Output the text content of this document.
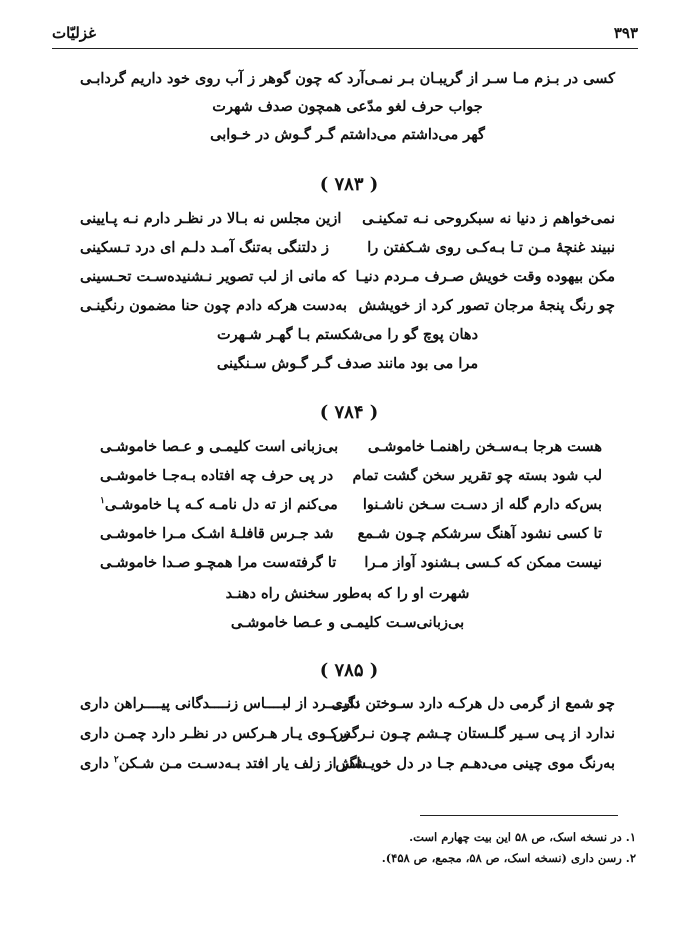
۳۹۳
غزلیّات
کسی در بـزم مـا سـر از گریبـان بـر نمـی‌آرد
که چون گوهر ز آب روی خود داریم گردابـی
جواب حرف لغو مدّعی همچون صدف شهرت
گهر می‌داشتم می‌داشتم گـر گـوش در خـوابی
( ۷۸۳ )
نمی‌خواهم ز دنیا نه سبکروحی نـه تمکینـی
ازین مجلس نه بـالا در نظـر دارم نـه پـایینی
نبیند غنچهٔ مـن تـا بـه‌کـی روی شـکفتن را
ز دلتنگی به‌تنگ آمـد دلـم ای درد تـسکینی
مکن بیهوده وقت خویش صـرف مـردم دنیـا
که مانی از لب تصویر نـشنیده‌سـت تحـسینی
چو رنگ پنجهٔ مرجان تصور کرد از خویشش
به‌دست هرکه دادم چون حنا مضمون رنگینـی
دهان پوچ گو را می‌شکستم بـا گهـر شـهرت
مرا می بود مانند صدف گـر گـوش سـنگینی
( ۷۸۴ )
هست هرجا بـه‌سـخن راهنمـا خاموشـی
بی‌زبانی است کلیمـی و عـصا خاموشـی
لب شود بسته چو تقریر سخن گشت تمام
در پی حرف چه افتاده بـه‌جـا خاموشـی
بس‌که دارم گله از دسـت سـخن ناشـنوا
می‌کنم از ته دل نامـه کـه پـا خاموشـی$^۱$
تا کسی نشود آهنگ سرشکم چـون شـمع
شد جـرس قافلـهٔ اشـک مـرا خاموشـی
نیست ممکن که کـسی بـشنود آواز مـرا
تا گرفته‌ست مرا همچـو صـدا خاموشـی
شهرت او را که به‌طور سخنش راه دهنـد
بی‌زبانی‌سـت کلیمـی و عـصا خاموشـی
( ۷۸۵ )
چو شمع از گرمی دل هرکـه دارد سـوختن داری
نگیــــرد از لبــــاس زنــــدگانی پیــــراهن داری
ندارد از پـی سـیر گلـستان چـشم چـون نـرگس
ز کـوی یـار هـرکس در نظـر دارد چمـن داری
به‌رنگ موی چینی می‌دهـم جـا در دل خویـشش
اگر از زلف یار افتد بـه‌دسـت مـن شـکن$^۲$ داری
۱. در نسخه اسک، ص ۵۸ این بیت چهارم است.
۲. رسن داری (نسخه اسک، ص ۵۸، مجمع، ص ۴۵۸).
